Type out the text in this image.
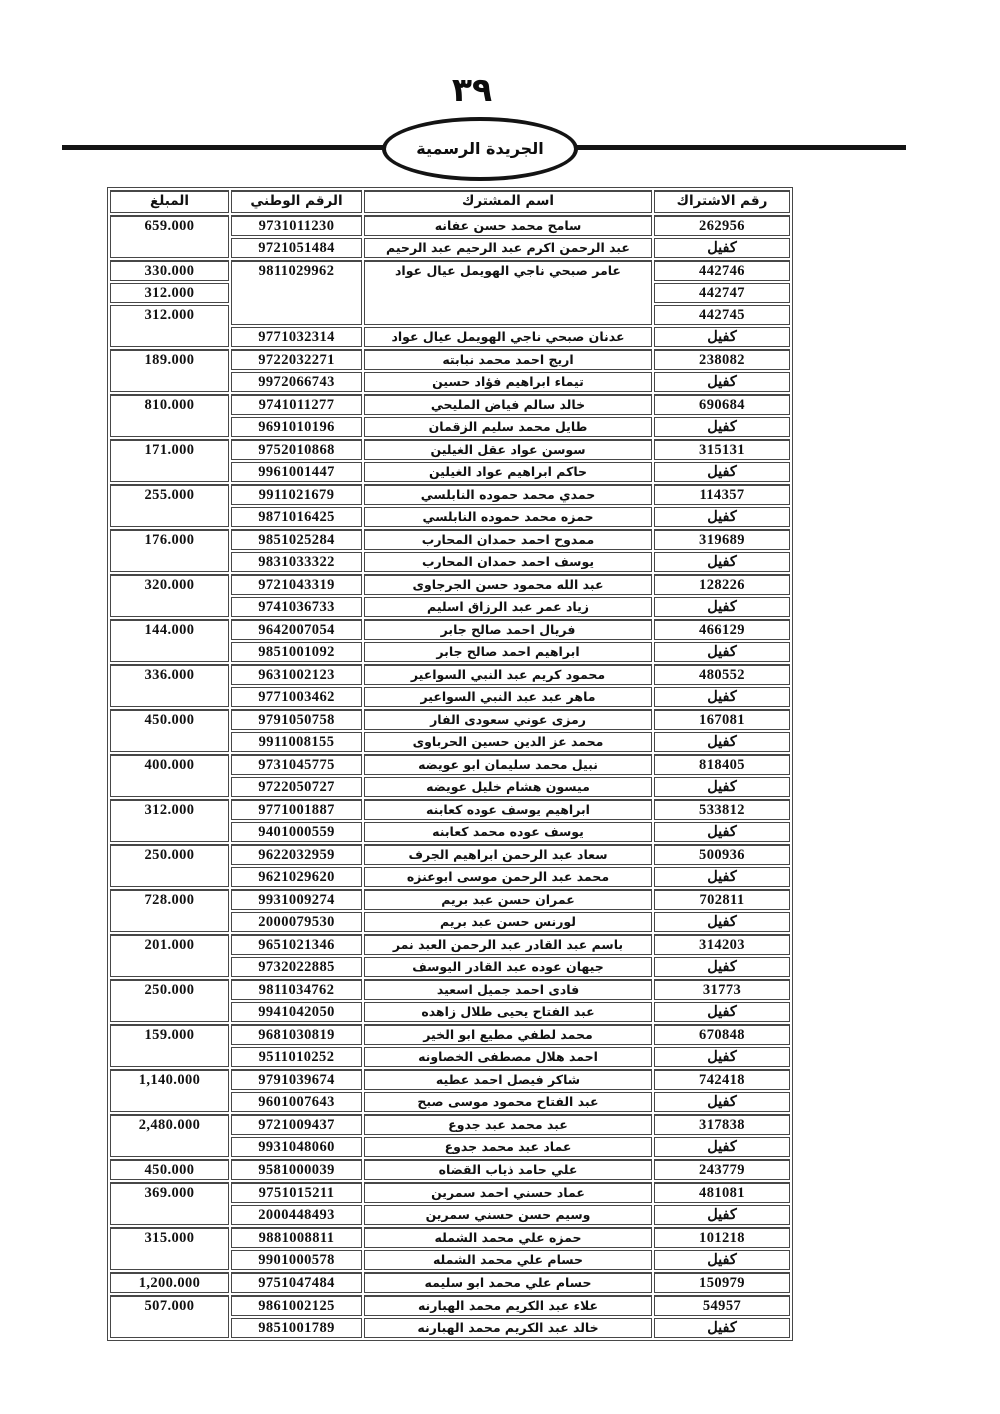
٣٩
الجريدة الرسمية
رقم الاشتراك	اسم المشترك	الرقم الوطني	المبلغ
262956	سامح محمد حسن عفانه	9731011230	659.000
كفيل	عبد الرحمن اكرم عبد الرحيم عبد الرحيم	9721051484	
442746	عامر صبحي ناجي الهويمل عيال عواد	9811029962	330.000
442747			312.000
442745			312.000
كفيل	عدنان صبحي ناجي الهويمل عيال عواد	9771032314	
238082	اريج احمد محمد نبابته	9722032271	189.000
كفيل	تيماء ابراهيم فؤاد حسين	9972066743	
690684	خالد سالم فياض المليحي	9741011277	810.000
كفيل	طايل محمد سليم الزقمان	9691010196	
315131	سوسن عواد عقل الغيلين	9752010868	171.000
كفيل	حاكم ابراهيم عواد الغيلين	9961001447	
114357	حمدي محمد حموده النابلسي	9911021679	255.000
كفيل	حمزه محمد حموده النابلسي	9871016425	
319689	ممدوح احمد حمدان المحارب	9851025284	176.000
كفيل	يوسف احمد حمدان المحارب	9831033322	
128226	عبد الله محمود حسن الجرجاوى	9721043319	320.000
كفيل	زياد عمر عبد الرزاق اسليم	9741036733	
466129	فريال احمد صالح جابر	9642007054	144.000
كفيل	ابراهيم احمد صالح جابر	9851001092	
480552	محمود كريم عبد النبي السواعير	9631002123	336.000
كفيل	ماهر عبد عبد النبي السواعير	9771003462	
167081	رمزى عوني سعودى الفار	9791050758	450.000
كفيل	محمد عز الدين حسين الحرباوى	9911008155	
818405	نبيل محمد سليمان ابو عويضه	9731045775	400.000
كفيل	ميسون هشام خليل عويضه	9722050727	
533812	ابراهيم يوسف عوده كعابنه	9771001887	312.000
كفيل	يوسف عوده محمد كعابنه	9401000559	
500936	سعاد عبد الرحمن ابراهيم الجرف	9622032959	250.000
كفيل	محمد عبد الرحمن موسى ابوعنزه	9621029620	
702811	عمران حسن عبد بريم	9931009274	728.000
كفيل	لورنس حسن عبد بريم	2000079530	
314203	باسم عبد القادر عبد الرحمن العبد نمر	9651021346	201.000
كفيل	جيهان عوده عبد القادر اليوسف	9732022885	
31773	فادى احمد جميل اسعيد	9811034762	250.000
كفيل	عبد الفتاح يحيى طلال زاهده	9941042050	
670848	محمد لطفي مطيع ابو الخير	9681030819	159.000
كفيل	احمد هلال مصطفى الخصاونه	9511010252	
742418	شاكر فيصل احمد عطيه	9791039674	1,140.000
كفيل	عبد الفتاح محمود موسى صبح	9601007643	
317838	عبد محمد عبد جدوع	9721009437	2,480.000
كفيل	عماد عبد محمد جدوع	9931048060	
243779	علي حامد ذياب القضاه	9581000039	450.000
481081	عماد حسني احمد سمرين	9751015211	369.000
كفيل	وسيم حسن حسني سمرين	2000448493	
101218	حمزه علي محمد الشمله	9881008811	315.000
كفيل	حسام علي محمد الشمله	9901000578	
150979	حسام علي محمد ابو سليمه	9751047484	1,200.000
54957	علاء عبد الكريم محمد الهبارنه	9861002125	507.000
كفيل	خالد عبد الكريم محمد الهبارنه	9851001789	
